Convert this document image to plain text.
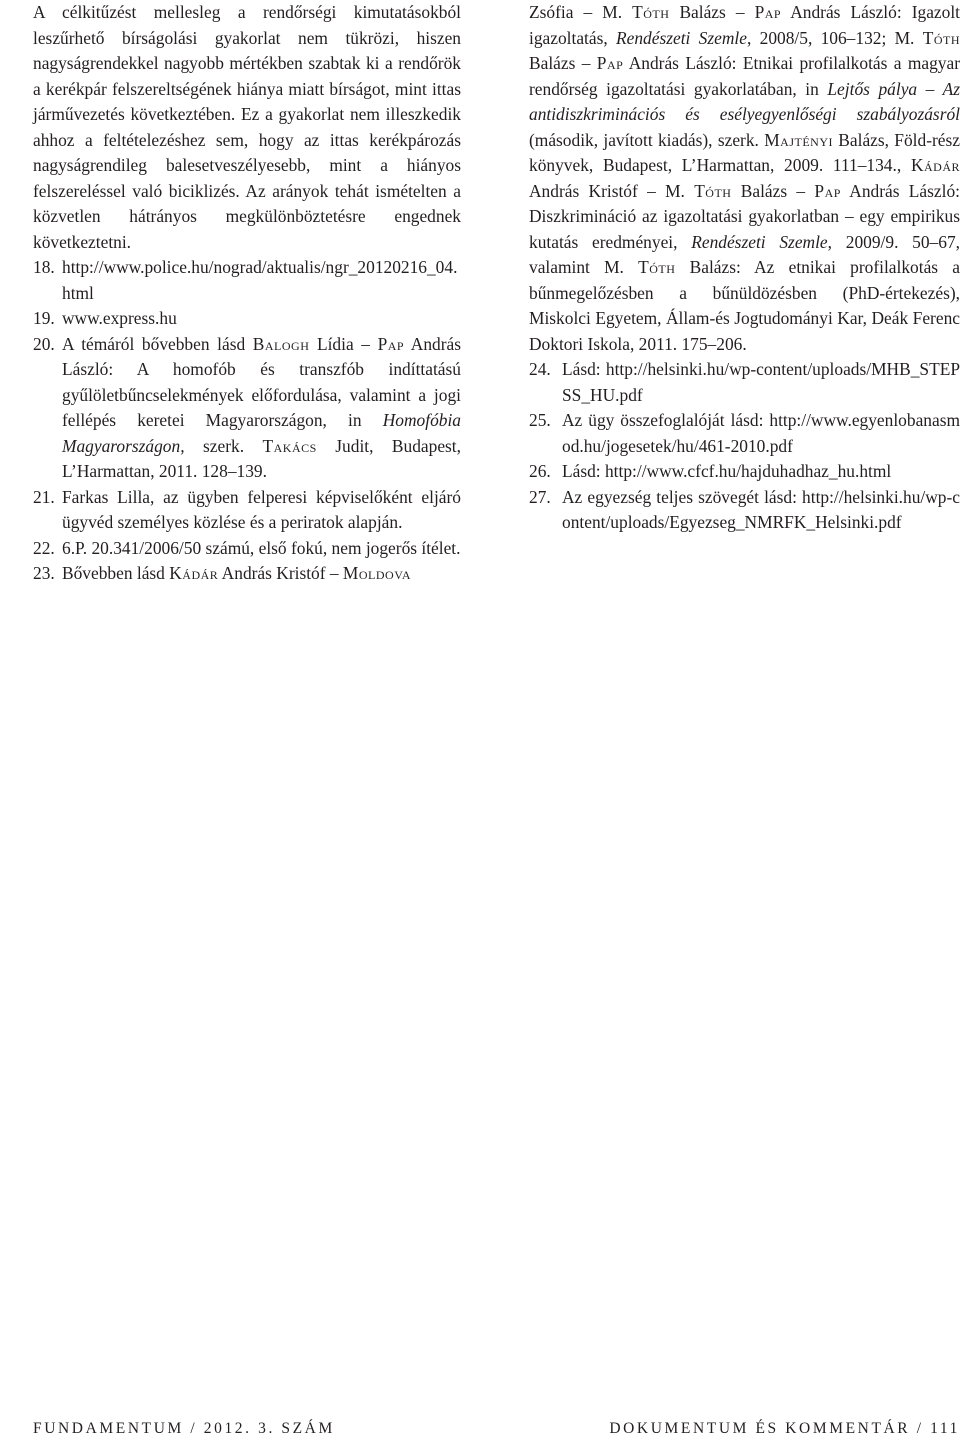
A célkitűzést mellesleg a rendőrségi kimutatásokból leszűrhető bírságolási gyakorlat nem tükrözi, hiszen nagyságrendekkel nagyobb mértékben szabtak ki a rendőrök a kerékpár felszereltségének hiánya miatt bírságot, mint ittas járművezetés következtében. Ez a gyakorlat nem illeszkedik ahhoz a feltételezéshez sem, hogy az ittas kerékpározás nagyságrendileg balesetveszélyesebb, mint a hiányos felszereléssel való biciklizés. Az arányok tehát ismételten a közvetlen hátrányos megkülönböztetésre engednek következtetni.

18. http://www.police.hu/nograd/aktualis/ngr_20120216_04.html

19. www.express.hu

20. A témáról bővebben lásd Balogh Lídia – Pap András László: A homofób és transzfób indíttatású gyűlöletbűncselekmények előfordulása, valamint a jogi fellépés keretei Magyarországon, in Homofóbia Magyarországon, szerk. Takács Judit, Budapest, L’Harmattan, 2011. 128–139.

21. Farkas Lilla, az ügyben felperesi képviselőként eljáró ügyvéd személyes közlése és a periratok alapján.

22. 6.P. 20.341/2006/50 számú, első fokú, nem jogerős ítélet.

23. Bővebben lásd Kádár András Kristóf – Moldova

Zsófia – M. Tóth Balázs – Pap András László: Igazolt igazoltatás, Rendészeti Szemle, 2008/5, 106–132; M. Tóth Balázs – Pap András László: Etnikai profilalkotás a magyar rendőrség igazoltatási gyakorlatában, in Lejtős pálya – Az antidiszkriminációs és esélyegyenlőségi szabályozásról (második, javított kiadás), szerk. Majtényi Balázs, Föld-rész könyvek, Budapest, L’Harmattan, 2009. 111–134., Kádár András Kristóf – M. Tóth Balázs – Pap András László: Diszkrimináció az igazoltatási gyakorlatban – egy empirikus kutatás eredményei, Rendészeti Szemle, 2009/9. 50–67, valamint M. Tóth Balázs: Az etnikai profilalkotás a bűnmegelőzésben a bűnüldözésben (PhD-értekezés), Miskolci Egyetem, Állam-és Jogtudományi Kar, Deák Ferenc Doktori Iskola, 2011. 175–206.

24. Lásd: http://helsinki.hu/wp-content/uploads/MHB_STEPSS_HU.pdf

25. Az ügy összefoglalóját lásd: http://www.egyenlobanasmod.hu/jogesetek/hu/461-2010.pdf

26. Lásd: http://www.cfcf.hu/hajduhadhaz_hu.html

27. Az egyezség teljes szövegét lásd: http://helsinki.hu/wp-content/uploads/Egyezseg_NMRFK_Helsinki.pdf

FUNDAMENTUM / 2012. 3. SZÁM	DOKUMENTUM ÉS KOMMENTÁR / 111
